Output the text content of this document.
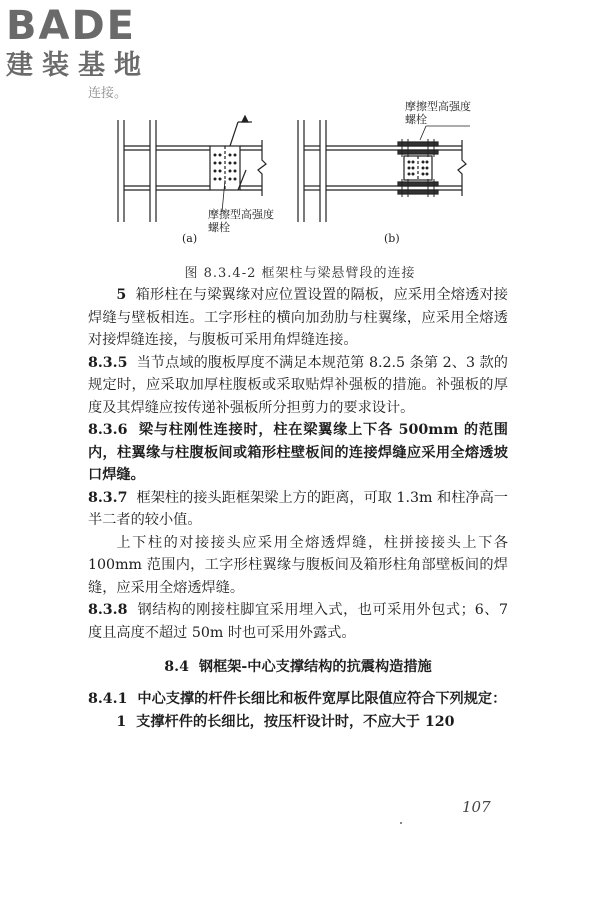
BADE
建装基地
连接。
摩擦型高强度
螺栓
摩擦型高强度
螺栓
(a)	(b)
图 8.3.4-2 框架柱与梁悬臂段的连接

5 箱形柱在与梁翼缘对应位置设置的隔板，应采用全熔透对接焊缝与壁板相连。工字形柱的横向加劲肋与柱翼缘，应采用全熔透对接焊缝连接，与腹板可采用角焊缝连接。

8.3.5 当节点域的腹板厚度不满足本规范第 8.2.5 条第 2、3 款的规定时，应采取加厚柱腹板或采取贴焊补强板的措施。补强板的厚度及其焊缝应按传递补强板所分担剪力的要求设计。

8.3.6 梁与柱刚性连接时，柱在梁翼缘上下各 500mm 的范围内，柱翼缘与柱腹板间或箱形柱壁板间的连接焊缝应采用全熔透坡口焊缝。

8.3.7 框架柱的接头距框架梁上方的距离，可取 1.3m 和柱净高一半二者的较小值。

上下柱的对接接头应采用全熔透焊缝，柱拼接接头上下各 100mm 范围内，工字形柱翼缘与腹板间及箱形柱角部壁板间的焊缝，应采用全熔透焊缝。

8.3.8 钢结构的刚接柱脚宜采用埋入式，也可采用外包式；6、7 度且高度不超过 50m 时也可采用外露式。

8.4 钢框架-中心支撑结构的抗震构造措施

8.4.1 中心支撑的杆件长细比和板件宽厚比限值应符合下列规定：

1 支撑杆件的长细比，按压杆设计时，不应大于 120

107
